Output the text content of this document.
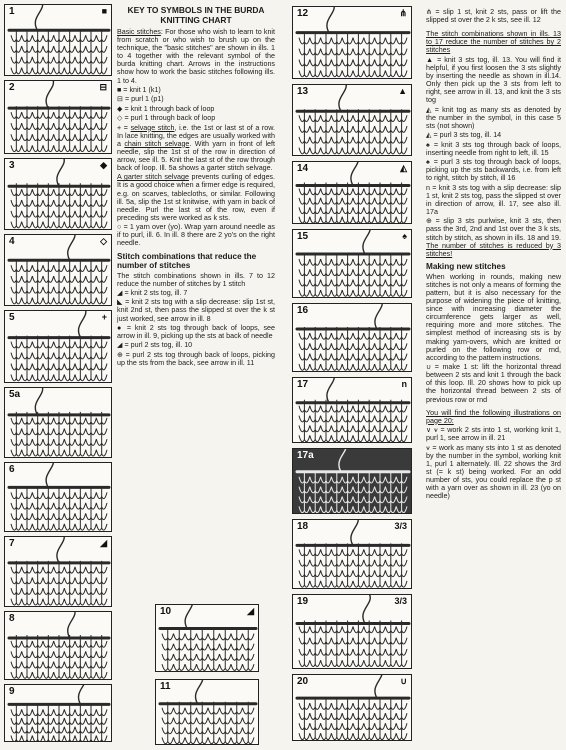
1	■
2	⊟
3	◆
4	◇
5	+
5a
6
7	◢
8
9
12	⋔
13	▲
14	◭
15	♠
16
17	n
17a
18	3/3
19	3/3
20	∪
10	◢
11
KEY TO SYMBOLS IN THE BURDA KNITTING CHART

Basic stitches: For those who wish to learn to knit from scratch or who wish to brush up on the technique, the "basic stitches" are shown in ills. 1 to 4 together with the relevant symbol of the burda knitting chart. Arrows in the instructions show how to work the basic stitches following ills. 1 to 4.

■ = knit 1 (k1)

⊟ = purl 1 (p1)

◆ = knit 1 through back of loop

◇ = purl 1 through back of loop

+ = selvage stitch, i.e. the 1st or last st of a row. In lace knitting, the edges are usually worked with a chain stitch selvage. With yarn in front of left needle, slip the 1st st of the row in direction of arrow, see ill. 5. Knit the last st of the row through back of loop. Ill. 5a shows a garter stitch selvage.

A garter stitch selvage prevents curling of edges. It is a good choice when a firmer edge is required, e.g. on scarves, tablecloths, or similar. Following ill. 5a, slip the 1st st knitwise, with yarn in back of needle. Purl the last st of the row, even if preceding sts were worked as k sts.

○ = 1 yarn over (yo). Wrap yarn around needle as if to purl, ill. 6. In ill. 8 there are 2 yo's on the right needle.

Stitch combinations that reduce the number of stitches

The stitch combinations shown in ills. 7 to 12 reduce the number of stitches by 1 stitch

◢ = knit 2 sts tog, ill. 7

◣ = knit 2 sts tog with a slip decrease: slip 1st st, knit 2nd st, then pass the slipped st over the k st just worked, see arrow in ill. 8

● = knit 2 sts tog through back of loops, see arrow in ill. 9, picking up the sts at back of needle

◢ = purl 2 sts tog, ill. 10

⊕ = purl 2 sts tog through back of loops, picking up the sts from the back, see arrow in ill. 11

⋔ = slip 1 st, knit 2 sts, pass or lift the slipped st over the 2 k sts, see ill. 12

The stitch combinations shown in ills. 13 to 17 reduce the number of stitches by 2 stitches

▲ = knit 3 sts tog, ill. 13. You will find it helpful, if you first loosen the 3 sts slightly by inserting the needle as shown in ill.14. Only then pick up the 3 sts from left to right, see arrow in ill. 13, and knit the 3 sts tog

◭ = knit tog as many sts as denoted by the number in the symbol, in this case 5 sts (not shown)

◭ = purl 3 sts tog, ill. 14

♠ = knit 3 sts tog through back of loops, inserting needle from right to left, ill. 15

♠ = purl 3 sts tog through back of loops, picking up the sts backwards, i.e. from left to right, stitch by stitch, ill 16

n = knit 3 sts tog with a slip decrease: slip 1 st, knit 2 sts tog, pass the slipped st over in direction of arrow, ill. 17, see also ill. 17a

⊕ = slip 3 sts purlwise, knit 3 sts, then pass the 3rd, 2nd and 1st over the 3 k sts, stitch by stitch, as shown in ills. 18 and 19. The number of stitches is reduced by 3 stitches!

Making new stitches

When working in rounds, making new stitches is not only a means of forming the pattern, but it is also necessary for the purpose of widening the piece of knitting, since with increasing diameter the circumference gets larger as well, requiring more and more stitches. The simplest method of increasing sts is by making yarn-overs, which are knitted or purled on the following row or rnd, according to the pattern instructions.

∪ = make 1 st: lift the horizontal thread between 2 sts and knit 1 through the back of this loop. Ill. 20 shows how to pick up the horizontal thread between 2 sts of previous row or rnd

You will find the following illustrations on page 20:

∨ ⩛ = work 2 sts into 1 st, working knit 1, purl 1, see arrow in ill. 21

⩛ = work as many sts into 1 st as denoted by the number in the symbol, working knit 1, purl 1 alternately. Ill. 22 shows the 3rd st (= k st) being worked. For an odd number of sts, you could replace the p st with a yarn over as shown in ill. 23 (yo on needle)
